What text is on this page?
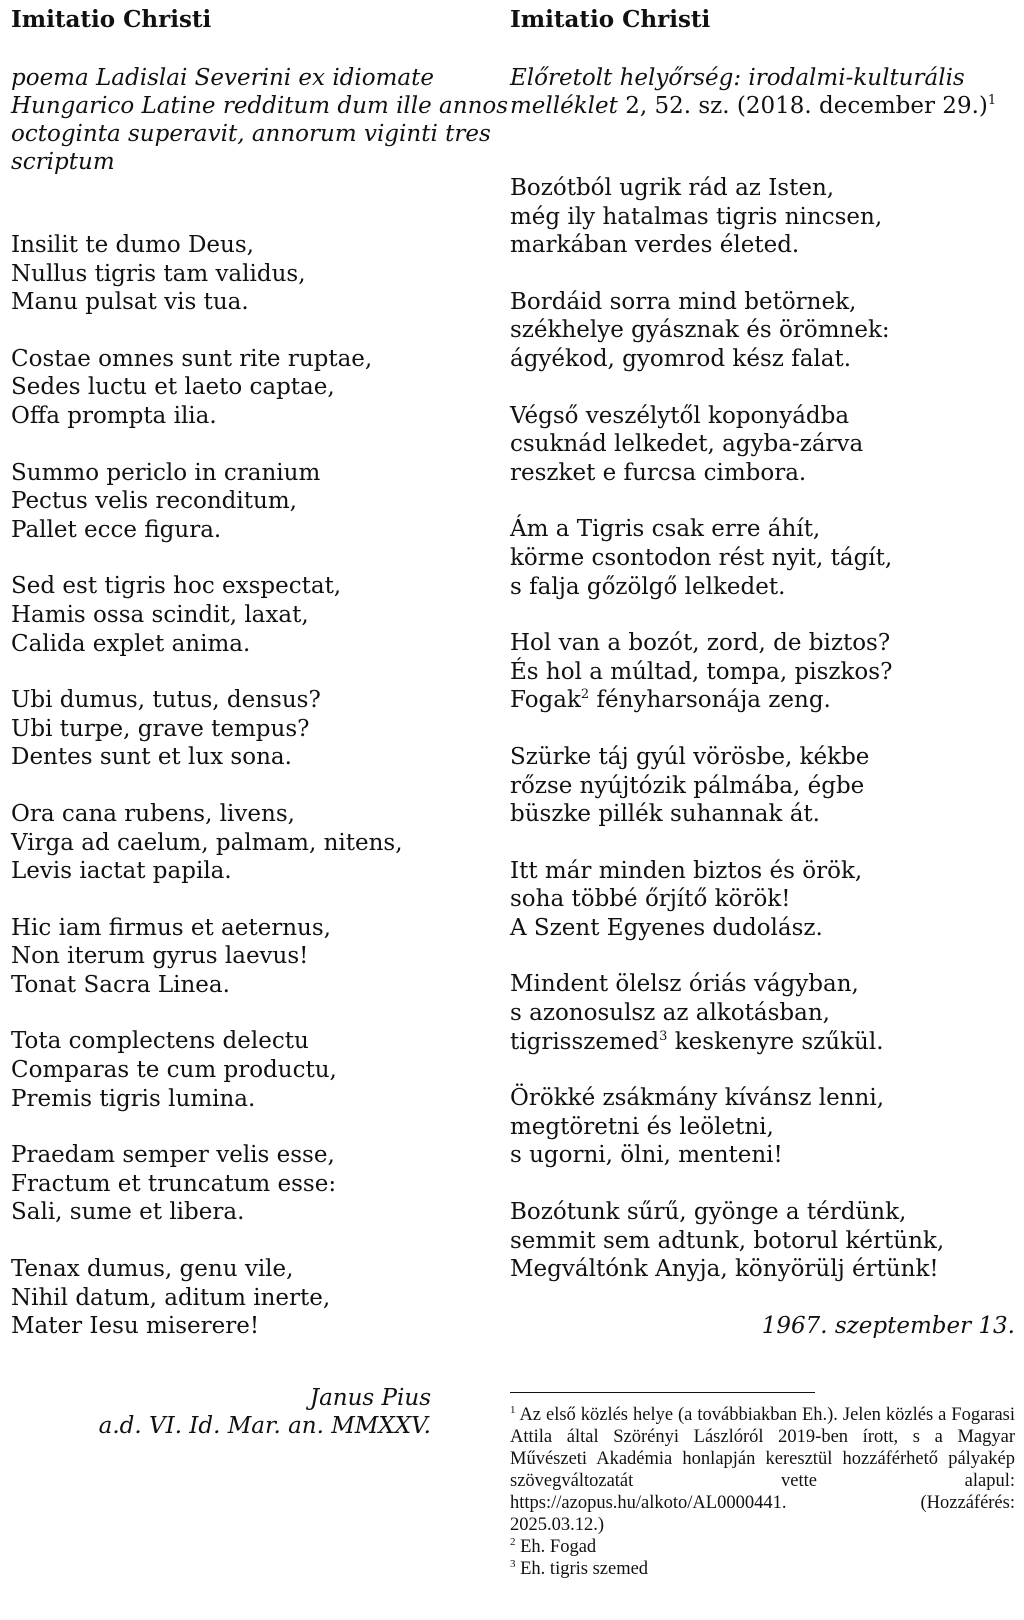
Imitatio Christi
poema Ladislai Severini ex idiomate
Hungarico Latine redditum dum ille annos
octoginta superavit, annorum viginti tres
scriptum
Insilit te dumo Deus,
Nullus tigris tam validus,
Manu pulsat vis tua.
Costae omnes sunt rite ruptae,
Sedes luctu et laeto captae,
Offa prompta ilia.
Summo periclo in cranium
Pectus velis reconditum,
Pallet ecce figura.
Sed est tigris hoc exspectat,
Hamis ossa scindit, laxat,
Calida explet anima.
Ubi dumus, tutus, densus?
Ubi turpe, grave tempus?
Dentes sunt et lux sona.
Ora cana rubens, livens,
Virga ad caelum, palmam, nitens,
Levis iactat papila.
Hic iam firmus et aeternus,
Non iterum gyrus laevus!
Tonat Sacra Linea.
Tota complectens delectu
Comparas te cum productu,
Premis tigris lumina.
Praedam semper velis esse,
Fractum et truncatum esse:
Sali, sume et libera.
Tenax dumus, genu vile,
Nihil datum, aditum inerte,
Mater Iesu miserere!
Janus Pius
a.d. VI. Id. Mar. an. MMXXV.
Imitatio Christi
Előretolt helyőrség: irodalmi-kulturális
melléklet 2, 52. sz. (2018. december 29.)$^1$
Bozótból ugrik rád az Isten,
még ily hatalmas tigris nincsen,
markában verdes életed.
Bordáid sorra mind betörnek,
székhelye gyásznak és örömnek:
ágyékod, gyomrod kész falat.
Végső veszélytől koponyádba
csuknád lelkedet, agyba-zárva
reszket e furcsa cimbora.
Ám a Tigris csak erre áhít,
körme csontodon rést nyit, tágít,
s falja gőzölgő lelkedet.
Hol van a bozót, zord, de biztos?
És hol a múltad, tompa, piszkos?
Fogak$^2$ fényharsonája zeng.
Szürke táj gyúl vörösbe, kékbe
rőzse nyújtózik pálmába, égbe
büszke pillék suhannak át.
Itt már minden biztos és örök,
soha többé őrjítő körök!
A Szent Egyenes dudolász.
Mindent ölelsz óriás vágyban,
s azonosulsz az alkotásban,
tigrisszemed$^3$ keskenyre szűkül.
Örökké zsákmány kívánsz lenni,
megtöretni és leöletni,
s ugorni, ölni, menteni!
Bozótunk sűrű, gyönge a térdünk,
semmit sem adtunk, botorul kértünk,
Megváltónk Anyja, könyörülj értünk!
1967. szeptember 13.

$^1$ Az első közlés helye (a továbbiakban Eh.). Jelen közlés a Fogarasi Attila által Szörényi Lászlóról 2019-ben írott, s a Magyar Művészeti Akadémia honlapján keresztül hozzáférhető pályakép szövegváltozatát vette alapul:

https://azopus.hu/alkoto/AL0000441.	(Hozzáférés:

2025.03.12.)

$^2$ Eh. Fogad

$^3$ Eh. tigris szemed
